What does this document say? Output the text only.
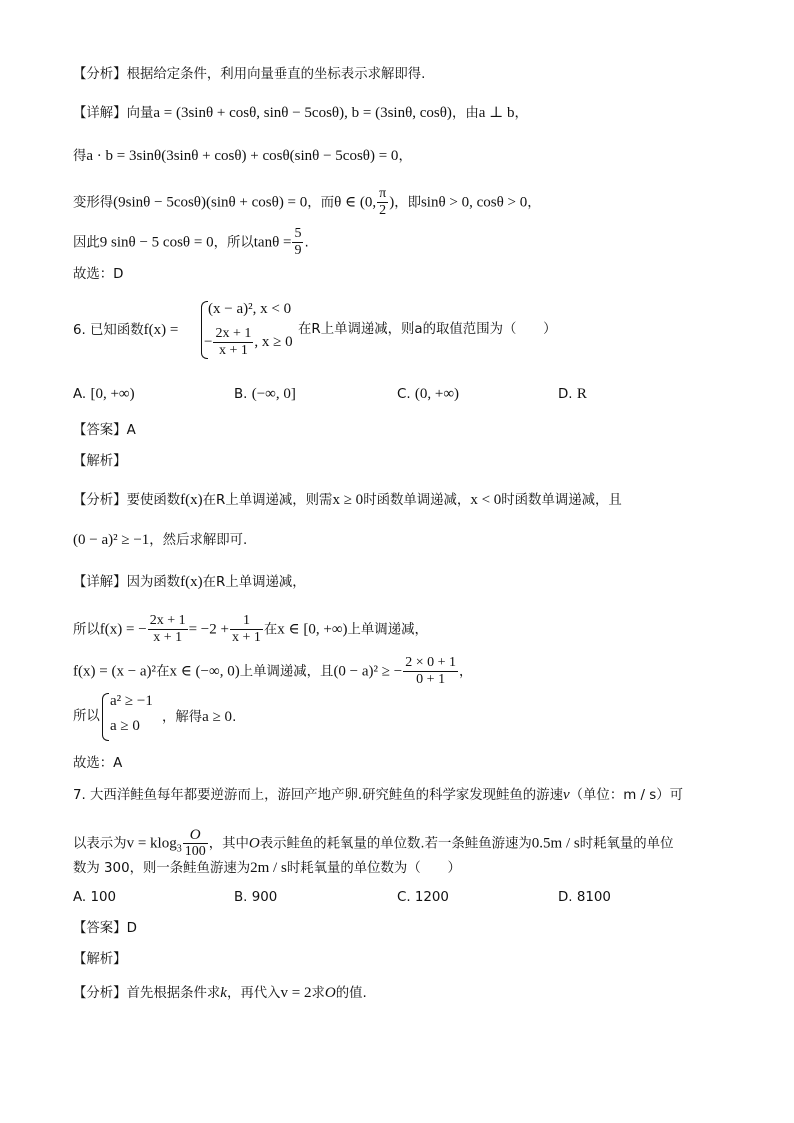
【分析】根据给定条件，利用向量垂直的坐标表示求解即得.
【详解】向量a = (3sinθ + cosθ, sinθ − 5cosθ), b = (3sinθ, cosθ)，由a ⊥ b，
得a · b = 3sinθ(3sinθ + cosθ) + cosθ(sinθ − 5cosθ) = 0，
变形得(9sinθ − 5cosθ)(sinθ + cosθ) = 0，而θ ∈ (0, $\frac{\pi}{2}$ )，即sinθ > 0, cosθ > 0，
因此9 sinθ − 5 cosθ = 0，所以$\tan\theta = \frac{5}{9}$ .
故选：D
6. 已知函数f(x) =
(x − a)², x < 0
− $\frac{2x + 1}{x + 1}$ , x ≥ 0
在R上单调递减，则a的取值范围为（　　）
A. [0, +∞)	B. (−∞, 0]	C. (0, +∞)	D. R
【答案】A
【解析】
【分析】要使函数f(x)在R上单调递减，则需x ≥ 0时函数单调递减，x < 0时函数单调递减，且
(0 − a)² ≥ −1，然后求解即可.
【详解】因为函数f(x)在R上单调递减，
所以f(x) = − $\frac{2x + 1}{x + 1} = -2 + \frac{1}{x + 1}$ 在x ∈ [0, +∞)上单调递减，
f(x) = (x − a)²在x ∈ (−∞, 0)上单调递减，且(0 − a)² ≥ − $\frac{2 \times 0 + 1}{0 + 1}$ ，
所以
a² ≥ −1
a ≥ 0
，解得a ≥ 0.
故选：A
7. 大西洋鲑鱼每年都要逆游而上，游回产地产卵.研究鲑鱼的科学家发现鲑鱼的游速v（单位：m / s）可
以表示为$v = klog_3 \frac{O}{100}$ ，其中O表示鲑鱼的耗氧量的单位数.若一条鲑鱼游速为0.5m / s时耗氧量的单位
数为 300，则一条鲑鱼游速为2m / s时耗氧量的单位数为（　　）
A. 100	B. 900	C. 1200	D. 8100
【答案】D
【解析】
【分析】首先根据条件求k，再代入v = 2求O的值.
